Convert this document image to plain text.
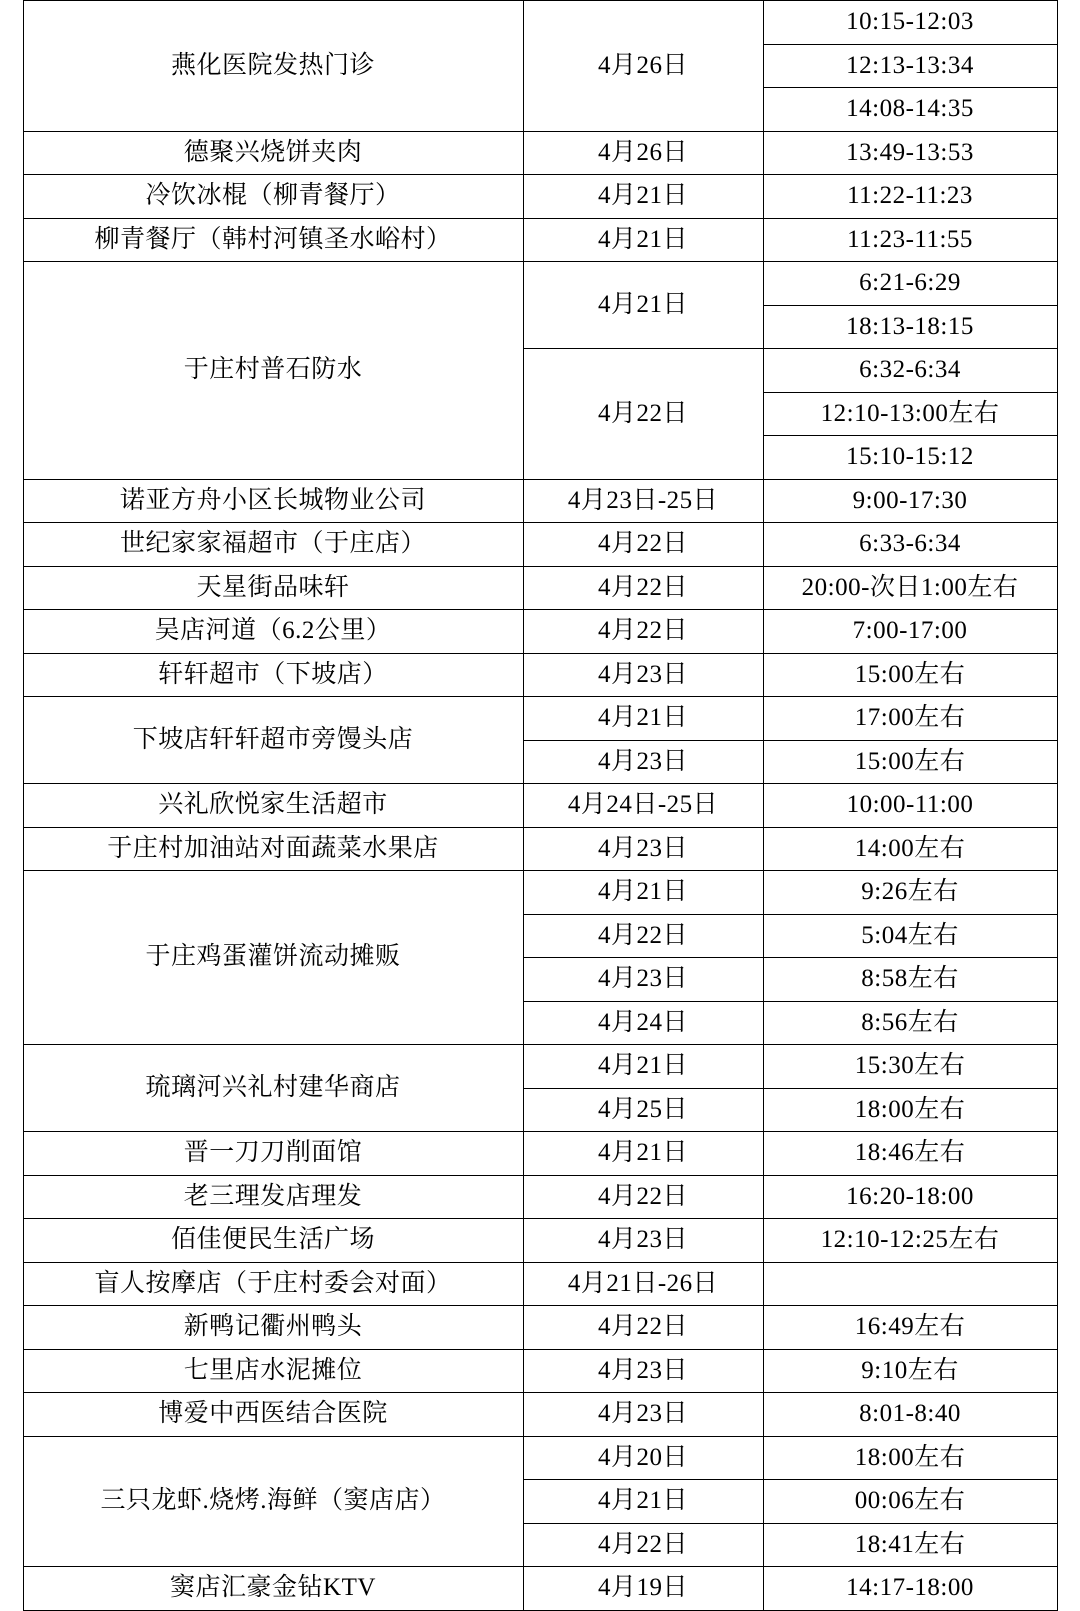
燕化医院发热门诊	4月26日	10:15-12:03
		12:13-13:34
		14:08-14:35
德聚兴烧饼夹肉	4月26日	13:49-13:53
冷饮冰棍（柳青餐厅）	4月21日	11:22-11:23
柳青餐厅（韩村河镇圣水峪村）	4月21日	11:23-11:55
于庄村普石防水	4月21日	6:21-6:29
		18:13-18:15
	4月22日	6:32-6:34
		12:10-13:00左右
		15:10-15:12
诺亚方舟小区长城物业公司	4月23日-25日	9:00-17:30
世纪家家福超市（于庄店）	4月22日	6:33-6:34
天星街品味轩	4月22日	20:00-次日1:00左右
吴店河道（6.2公里）	4月22日	7:00-17:00
轩轩超市（下坡店）	4月23日	15:00左右
下坡店轩轩超市旁馒头店	4月21日	17:00左右
	4月23日	15:00左右
兴礼欣悦家生活超市	4月24日-25日	10:00-11:00
于庄村加油站对面蔬菜水果店	4月23日	14:00左右
于庄鸡蛋灌饼流动摊贩	4月21日	9:26左右
	4月22日	5:04左右
	4月23日	8:58左右
	4月24日	8:56左右
琉璃河兴礼村建华商店	4月21日	15:30左右
	4月25日	18:00左右
晋一刀刀削面馆	4月21日	18:46左右
老三理发店理发	4月22日	16:20-18:00
佰佳便民生活广场	4月23日	12:10-12:25左右
盲人按摩店（于庄村委会对面）	4月21日-26日	
新鸭记衢州鸭头	4月22日	16:49左右
七里店水泥摊位	4月23日	9:10左右
博爱中西医结合医院	4月23日	8:01-8:40
三只龙虾.烧烤.海鲜（窦店店）	4月20日	18:00左右
	4月21日	00:06左右
	4月22日	18:41左右
窦店汇豪金钻KTV	4月19日	14:17-18:00
